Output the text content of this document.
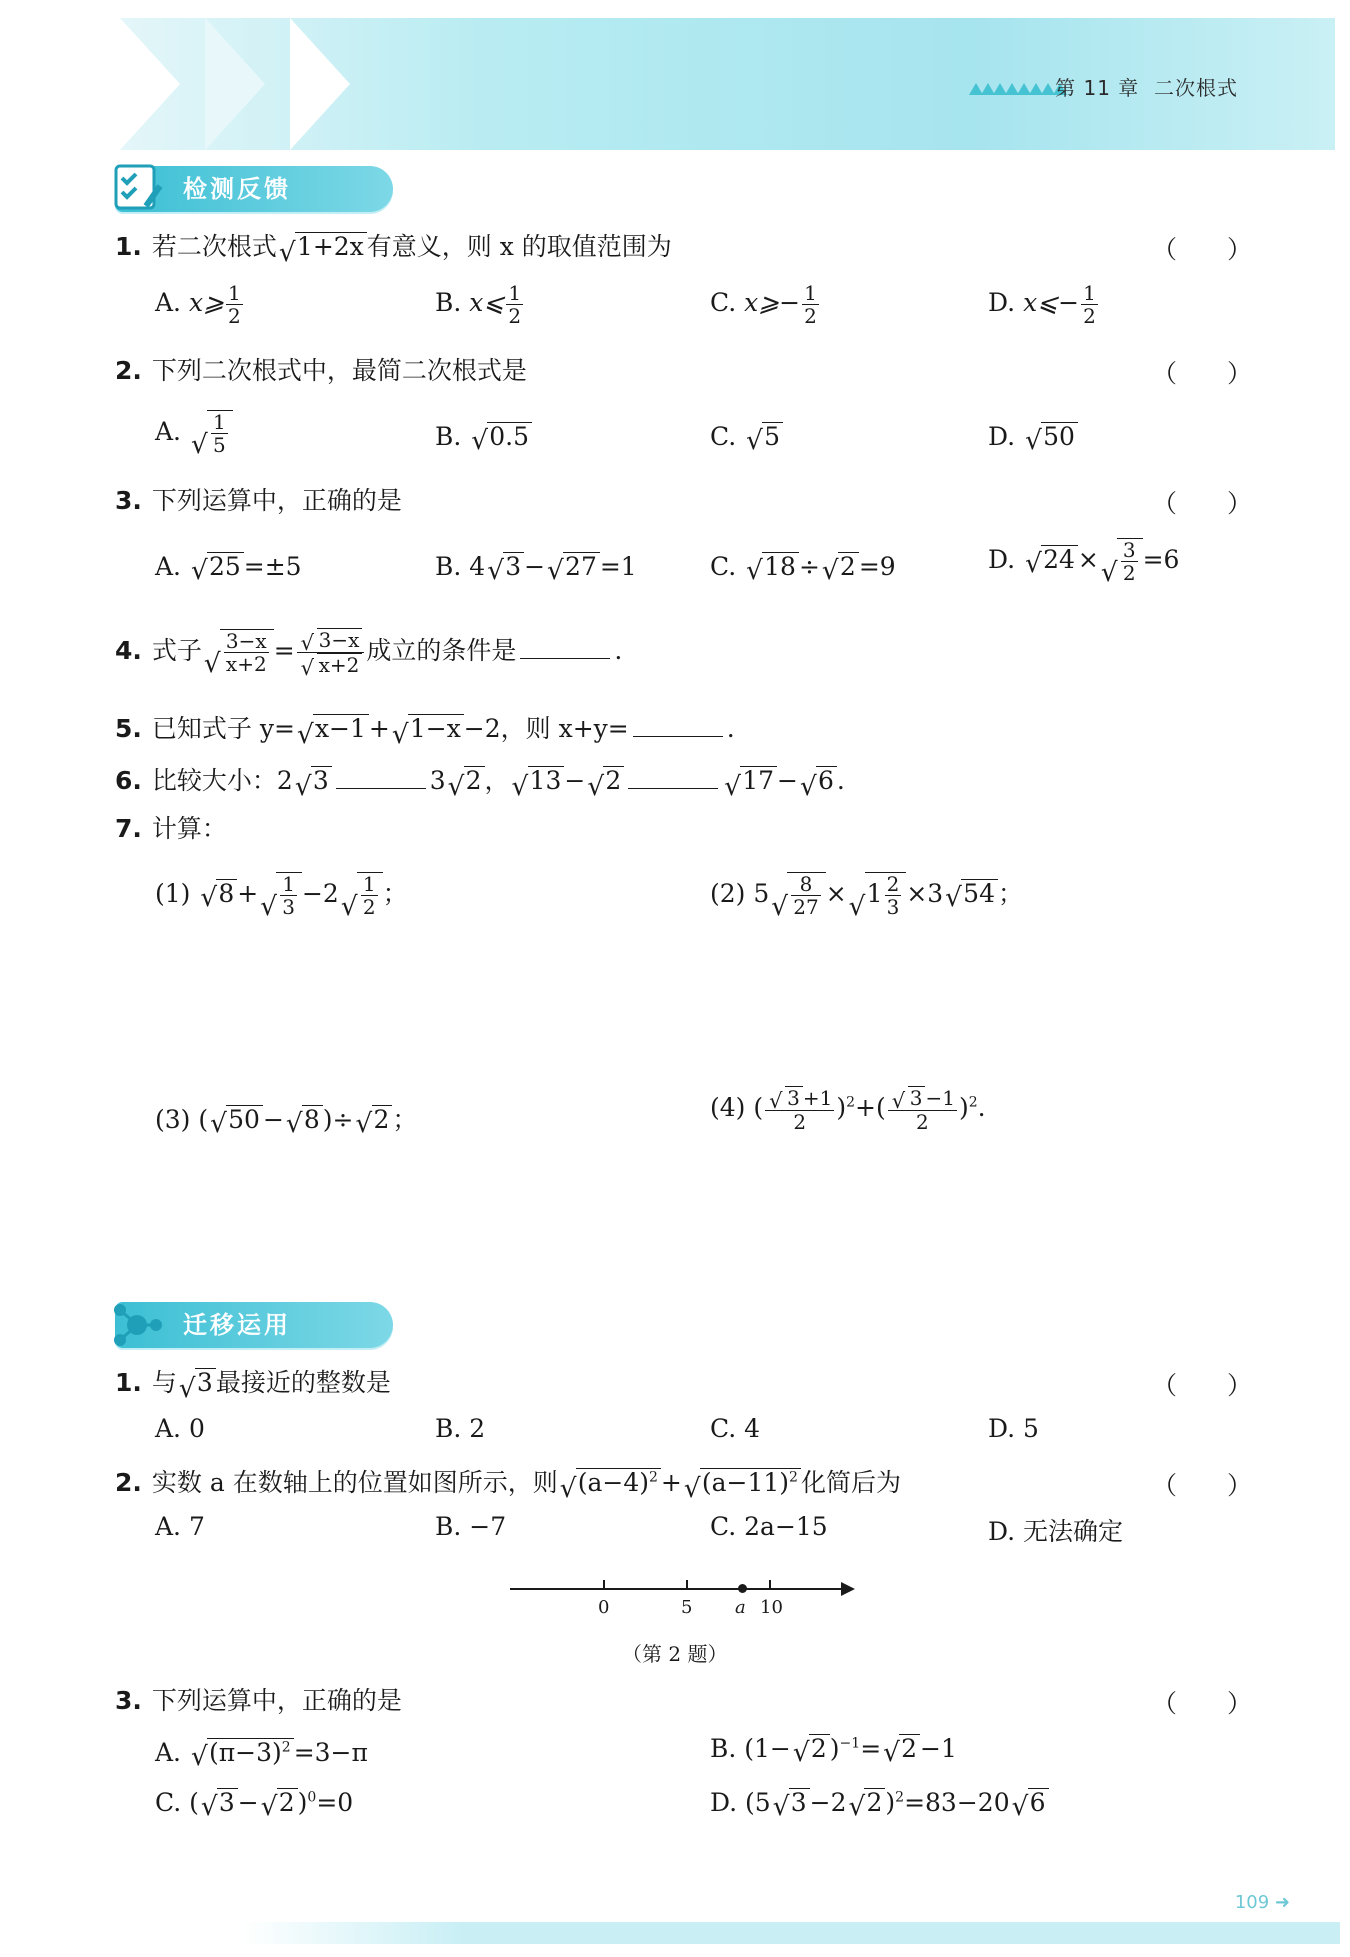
第 11 章 二次根式
检测反馈
1. 若二次根式√ 1+2x 有意义，则 x 的取值范围为	（　　）
A. x⩾ $\frac{1}{2}$	B. x⩽ $\frac{1}{2}$	C. x⩾− $\frac{1}{2}$	D. x⩽− $\frac{1}{2}$
2. 下列二次根式中，最简二次根式是	（　　）
A.
√ $\frac{1}{5}$	B. √ 0.5	C. √ 5	D. √ 50
3. 下列运算中，正确的是	（　　）
A. √ 25 =±5	B. 4√ 3 −√ 27 =1	C. √ 18 ÷√ 2 =9	D. √ 24 ×
√ $\frac{3}{2} =6$
4. 式子
√ $\frac{3-x}{x+2}$ =
√ 3−x
√ x+2 成立的条件是	.
5. 已知式子 y=√ x−1 +√ 1−x −2，则 x+y=	.
6. 比较大小：2√ 3	3√ 2 ，√ 13 −√ 2√	17 −√ 6 .
7. 计算：
(1) √ 8 +
√ $\frac{1}{3} -2$
√ $\frac{1}{2}$ ；	(2) 5
√ $\frac{8}{27}$ ×√ $1 \frac{2}{3} \times 3√$ 54 ；
(3) (√ 50 −√ 8 )÷√ 2 ；	(4) (
√ $\frac{3 +1}{2} )^2+$(
√ $\frac{3 -1}{2} )^2$.
迁移运用
1. 与√ 3 最接近的整数是	（　　）
A. 0	B. 2	C. 4	D. 5
2. 实数 a 在数轴上的位置如图所示，则√ $(a-4)^2$ +√ $(a-11)^2$ 化简后为	（　　）
A. 7	B. −7	C. 2a−15	D. 无法确定
0	5 a 10
（第 2 题）
3. 下列运算中，正确的是	（　　）
A. √ $(\pi-3)^2 =3-\pi$	B. (1−√ 2 )$^{-1}$=√ 2 −1
C. (√ 3 −√ 2 )$^0$=0	D. (5√ 3 −2√ 2 )$^2$=83−20√ 6
109 ➜
